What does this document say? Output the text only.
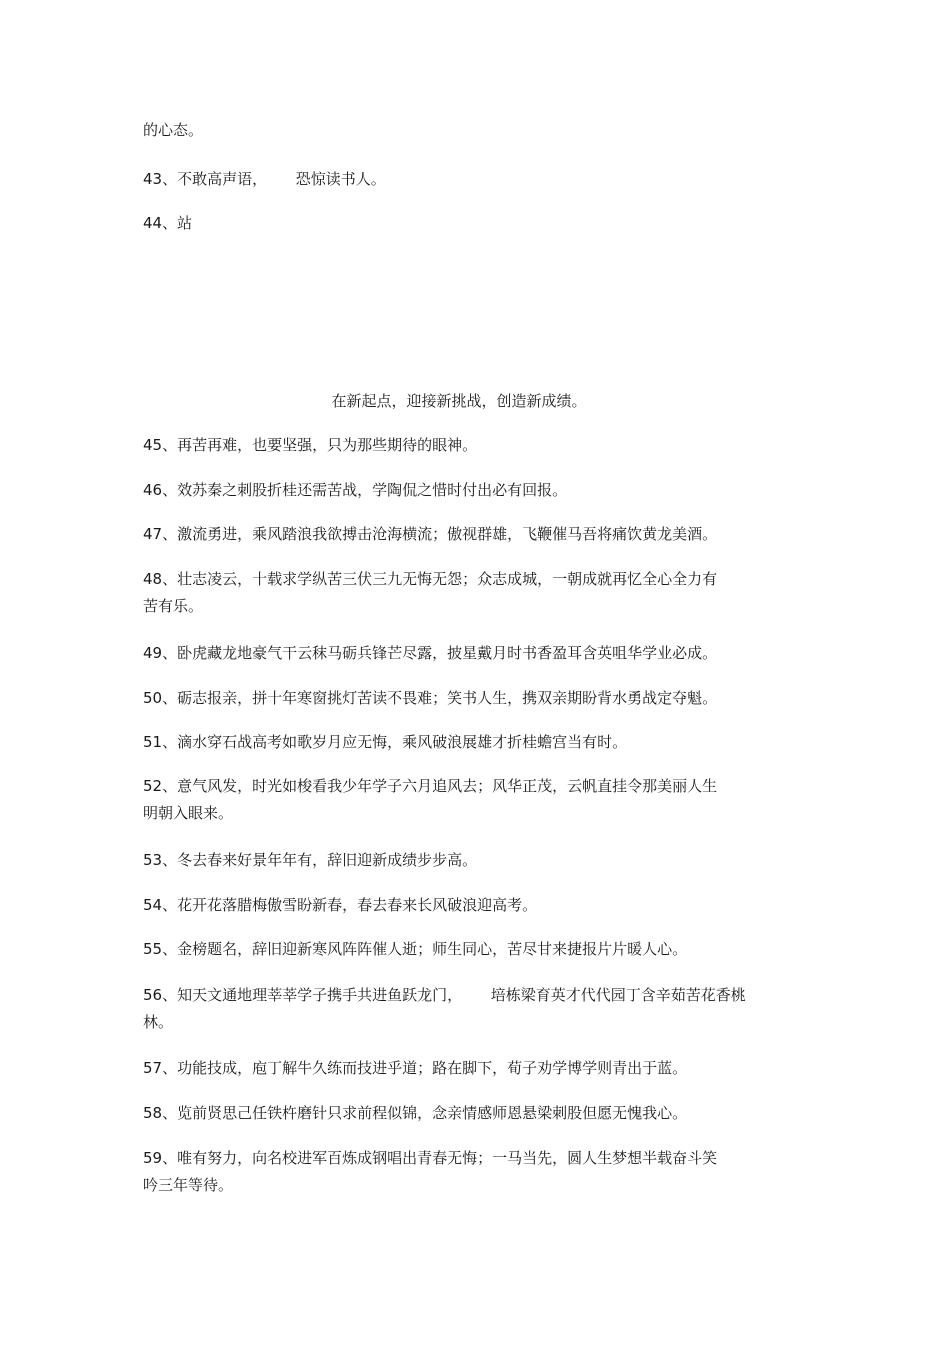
的心态。

43、不敢高声语，      恐惊读书人。

44、站

在新起点，迎接新挑战，创造新成绩。

45、再苦再难，也要坚强，只为那些期待的眼神。

46、效苏秦之刺股折桂还需苦战，学陶侃之惜时付出必有回报。

47、激流勇进，乘风踏浪我欲搏击沧海横流；傲视群雄，飞鞭催马吾将痛饮黄龙美酒。

48、壮志凌云，十载求学纵苦三伏三九无悔无怨；众志成城，一朝成就再忆全心全力有

苦有乐。

49、卧虎藏龙地豪气干云秣马砺兵锋芒尽露，披星戴月时书香盈耳含英咀华学业必成。

50、砺志报亲，拼十年寒窗挑灯苦读不畏难；笑书人生，携双亲期盼背水勇战定夺魁。

51、滴水穿石战高考如歌岁月应无悔，乘风破浪展雄才折桂蟾宫当有时。

52、意气风发，时光如梭看我少年学子六月追风去；风华正茂，云帆直挂令那美丽人生

明朝入眼来。

53、冬去春来好景年年有，辞旧迎新成绩步步高。

54、花开花落腊梅傲雪盼新春，春去春来长风破浪迎高考。

55、金榜题名，辞旧迎新寒风阵阵催人逝；师生同心，苦尽甘来捷报片片暖人心。

56、知天文通地理莘莘学子携手共进鱼跃龙门，      培栋梁育英才代代园丁含辛茹苦花香桃

林。

57、功能技成，庖丁解牛久练而技进乎道；路在脚下，荀子劝学博学则青出于蓝。

58、览前贤思己任铁杵磨针只求前程似锦，念亲情感师恩悬梁刺股但愿无愧我心。

59、唯有努力，向名校进军百炼成钢唱出青春无悔；一马当先，圆人生梦想半载奋斗笑

吟三年等待。
